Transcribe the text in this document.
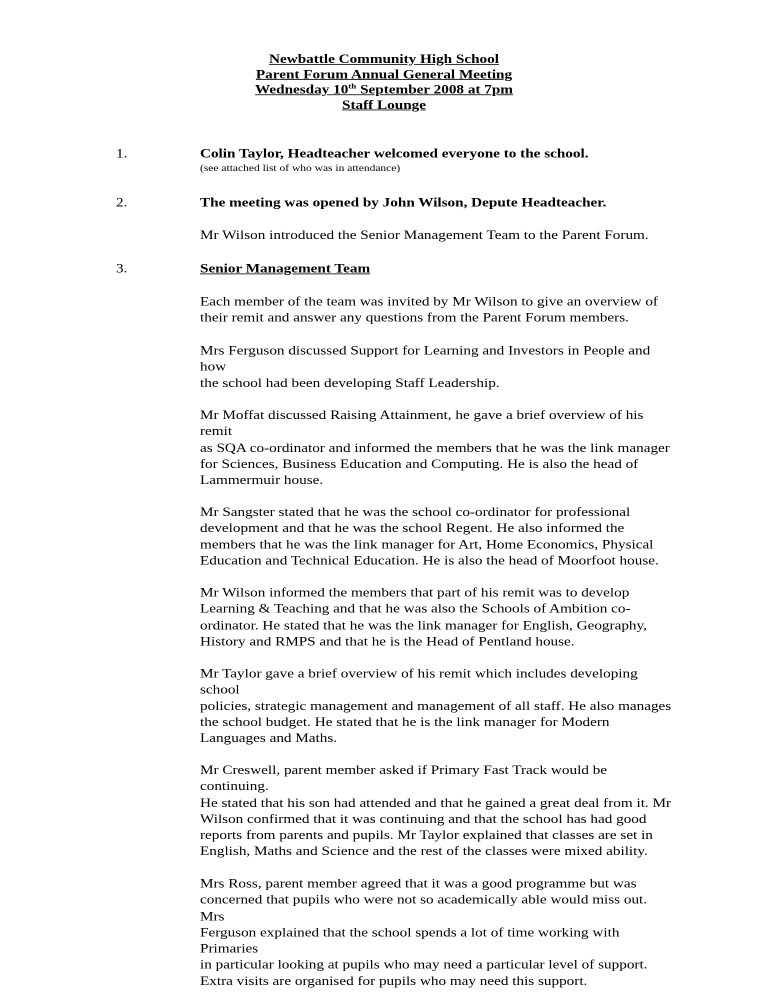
Newbattle Community High School
Parent Forum Annual General Meeting
Wednesday 10th September 2008 at 7pm
Staff Lounge
1.	Colin Taylor, Headteacher welcomed everyone to the school.
(see attached list of who was in attendance)
2.	The meeting was opened by John Wilson, Depute Headteacher.
Mr Wilson introduced the Senior Management Team to the Parent Forum.
3.	Senior Management Team
Each member of the team was invited by Mr Wilson to give an overview of
their remit and answer any questions from the Parent Forum members.
Mrs Ferguson discussed Support for Learning and Investors in People and how
the school had been developing Staff Leadership.
Mr Moffat discussed Raising Attainment, he gave a brief overview of his remit
as SQA co-ordinator and informed the members that he was the link manager
for Sciences, Business Education and Computing. He is also the head of
Lammermuir house.
Mr Sangster stated that he was the school co-ordinator for professional
development and that he was the school Regent. He also informed the
members that he was the link manager for Art, Home Economics, Physical
Education and Technical Education. He is also the head of Moorfoot house.
Mr Wilson informed the members that part of his remit was to develop
Learning & Teaching and that he was also the Schools of Ambition co-
ordinator. He stated that he was the link manager for English, Geography,
History and RMPS and that he is the Head of Pentland house.
Mr Taylor gave a brief overview of his remit which includes developing school
policies, strategic management and management of all staff. He also manages
the school budget. He stated that he is the link manager for Modern
Languages and Maths.
Mr Creswell, parent member asked if Primary Fast Track would be continuing.
He stated that his son had attended and that he gained a great deal from it. Mr
Wilson confirmed that it was continuing and that the school has had good
reports from parents and pupils. Mr Taylor explained that classes are set in
English, Maths and Science and the rest of the classes were mixed ability.
Mrs Ross, parent member agreed that it was a good programme but was
concerned that pupils who were not so academically able would miss out. Mrs
Ferguson explained that the school spends a lot of time working with Primaries
in particular looking at pupils who may need a particular level of support.
Extra visits are organised for pupils who may need this support.
